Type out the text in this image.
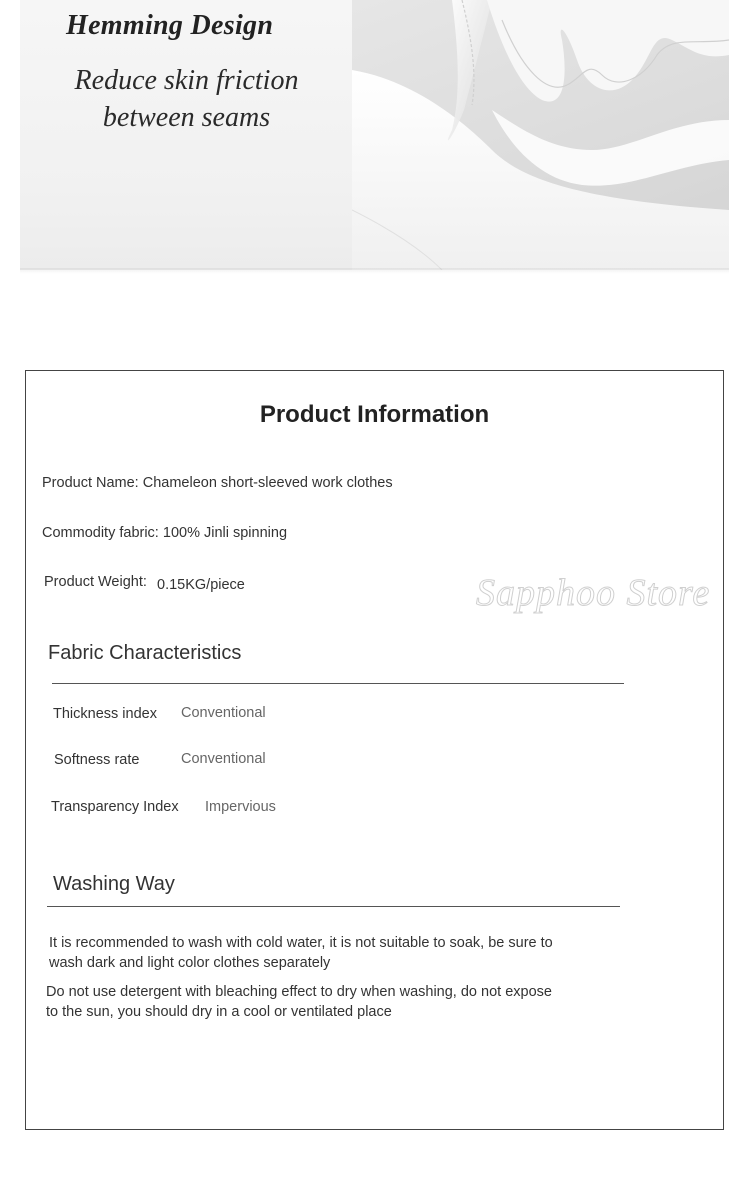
Hemming Design
Reduce skin friction
between seams
Product Information
Product Name: Chameleon short-sleeved work clothes
Commodity fabric: 100% Jinli spinning
Product Weight: 0.15KG/piece	Sapphoo Store
Fabric Characteristics
Thickness index Conventional
Softness rate	Conventional
Transparency Index Impervious
Washing Way
It is recommended to wash with cold water, it is not suitable to soak, be sure to
wash dark and light color clothes separately
Do not use detergent with bleaching effect to dry when washing, do not expose
to the sun, you should dry in a cool or ventilated place
